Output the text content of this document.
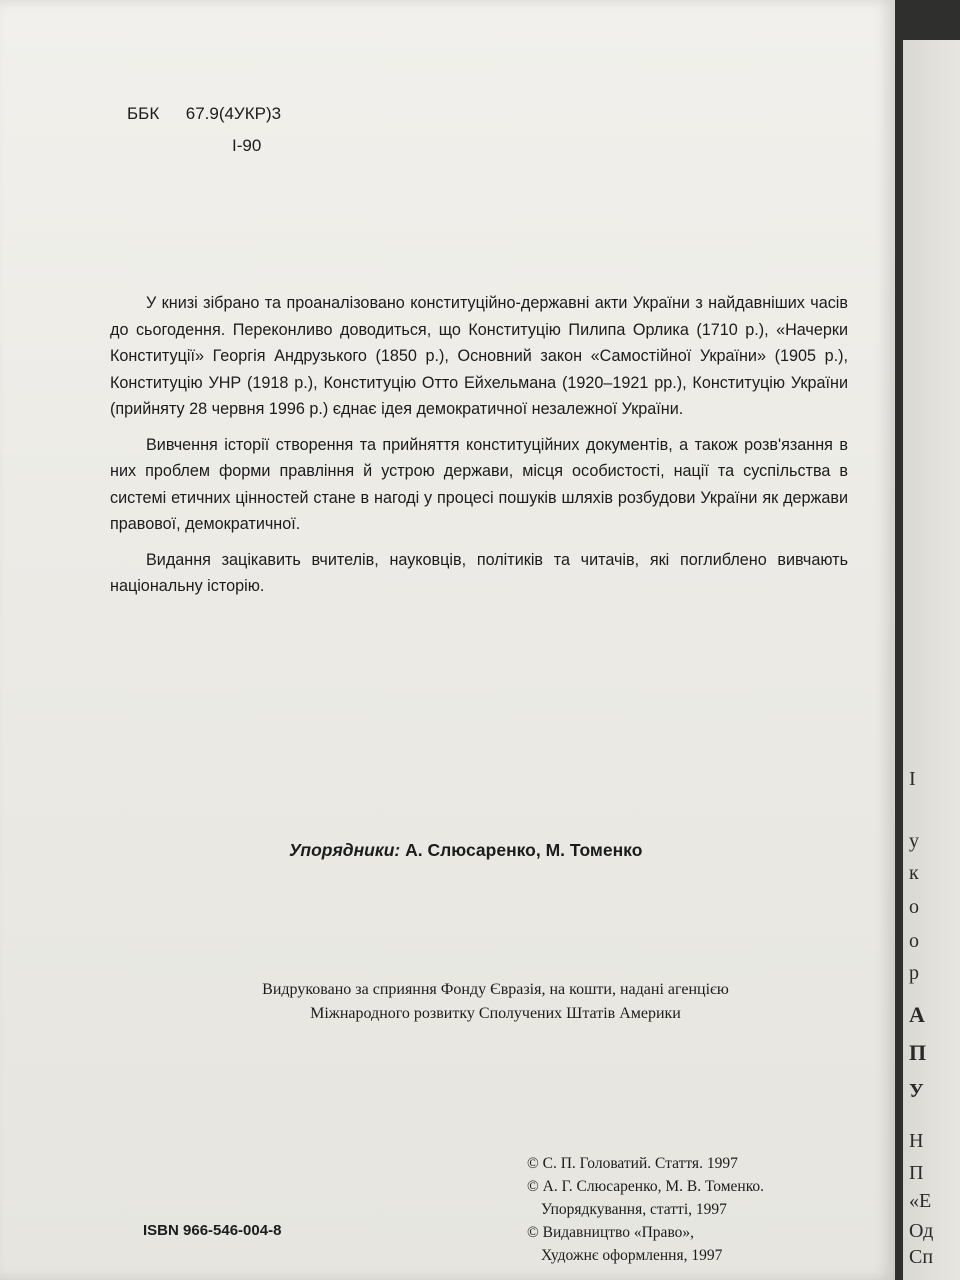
ББК 67.9(4УКР)3
І-90

У книзі зібрано та проаналізовано конституційно-державні акти України з найдавніших часів до сьогодення. Переконливо доводиться, що Конституцію Пилипа Орлика (1710 р.), «Начерки Конституції» Георгія Андрузького (1850 р.), Основний закон «Самостійної України» (1905 р.), Конституцію УНР (1918 р.), Конституцію Отто Ейхельмана (1920–1921 рр.), Конституцію України (прийняту 28 червня 1996 р.) єднає ідея демократичної незалежної України.

Вивчення історії створення та прийняття конституційних документів, а також розв'язання в них проблем форми правління й устрою держави, місця особистості, нації та суспільства в системі етичних цінностей стане в нагоді у процесі пошуків шляхів розбудови України як держави правової, демократичної.

Видання зацікавить вчителів, науковців, політиків та читачів, які поглиблено вивчають національну історію.

Упорядники: А. Слюсаренко, М. Томенко
Видруковано за сприяння Фонду Євразія, на кошти, надані агенцією
Міжнародного розвитку Сполучених Штатів Америки
ISBN 966-546-004-8
© С. П. Головатий. Стаття. 1997
© А. Г. Слюсаренко, М. В. Томенко.
Упорядкування, статті, 1997
© Видавництво «Право»,
Художнє оформлення, 1997
І
у
к
о
о
р
А
П
У
Н
П
«Е
Од
Сп
